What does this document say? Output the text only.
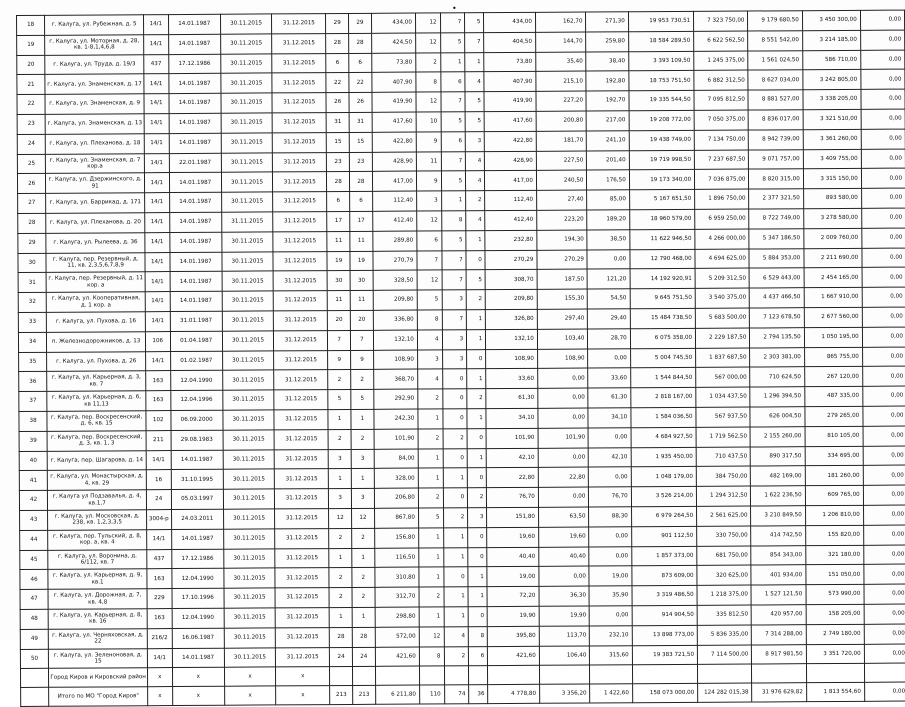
•
18	г. Калуга, ул. Рубежная, д. 5	14/1	14.01.1987	30.11.2015	31.12.2015	29	29	434,00	12	7	5	434,00	162,70	271,30	19 953 730,51	7 323 750,00	9 179 680,50	3 450 300,00	0,00
19	г. Калуга, ул. Моторная, д. 28, кв. 1-8,1,4,6,8	14/1	14.01.1987	30.11.2015	31.12.2015	28	28	424,50	12	5	7	404,50	144,70	259,80	18 584 289,50	6 622 562,50	8 551 542,00	3 214 185,00	0,00
20	г. Калуга, ул. Труда, д. 19/3	437	17.12.1986	30.11.2015	31.12.2015	6	6	73,80	2	1	1	73,80	35,40	38,40	3 393 109,50	1 245 375,00	1 561 024,50	586 710,00	0,00
21	г. Калуга, ул. Знаменская, д. 17	14/1	14.01.1987	30.11.2015	31.12.2015	22	22	407,90	8	6	4	407,90	215,10	192,80	18 753 751,50	6 882 312,50	8 627 034,00	3 242 805,00	0,00
22	г. Калуга, ул. Знаменская, д. 9	14/1	14.01.1987	30.11.2015	31.12.2015	26	26	419,90	12	7	5	419,90	227,20	192,70	19 335 544,50	7 095 812,50	8 881 527,00	3 338 205,00	0,00
23	г. Калуга, ул. Знаменская, д. 13	14/1	14.01.1987	30.11.2015	31.12.2015	31	31	417,60	10	5	5	417,60	200,80	217,00	19 208 772,00	7 050 375,00	8 836 017,00	3 321 510,00	0,00
24	г. Калуга, ул. Плеханова, д. 18	14/1	14.01.1987	30.11.2015	31.12.2015	15	15	422,80	9	6	3	422,80	181,70	241,10	19 438 749,00	7 134 750,00	8 942 739,00	3 361 260,00	0,00
25	г. Калуга, ул. Знаменская, д. 7 кор.а	14/1	22.01.1987	30.11.2015	31.12.2015	23	23	428,90	11	7	4	428,90	227,50	201,40	19 719 998,50	7 237 687,50	9 071 757,00	3 409 755,00	0,00
26	г. Калуга, ул. Дзержинского, д. 91	14/1	14.01.1987	30.11.2015	31.12.2015	28	28	417,00	9	5	4	417,00	240,50	176,50	19 173 340,00	7 036 875,00	8 820 315,00	3 315 150,00	0,00
27	г. Калуга, ул. Баррикад, д. 171	14/1	14.01.1987	30.11.2015	31.12.2015	6	6	112,40	3	1	2	112,40	27,40	85,00	5 167 651,50	1 896 750,00	2 377 321,50	893 580,00	0,00
28	г. Калуга, ул. Плеханова, д. 20	14/1	14.01.1987	31.11.2015	31.12.2015	17	17	412,40	12	8	4	412,40	223,20	189,20	18 960 579,00	6 959 250,00	8 722 749,00	3 278 580,00	0,00
29	г. Калуга, ул. Рылеева, д. 36	14/1	14.01.1987	30.11.2015	31.12.2015	11	11	289,80	6	5	1	232,80	194,30	38,50	11 622 946,50	4 266 000,00	5 347 186,50	2 009 760,00	0,00
30	г. Калуга, пер. Резервный, д. 11, кв. 2,3,5,6,7,8,9	14/1	14.01.1987	30.11.2015	31.12.2015	19	19	270,79	7	7	0	270,29	270,29	0,00	12 790 468,00	4 694 625,00	5 884 353,00	2 211 690,00	0,00
31	г. Калуга, пер. Резервный, д. 11 кор. а	14/1	14.01.1987	30.11.2015	31.12.2015	30	30	328,50	12	7	5	308,70	187,50	121,20	14 192 920,91	5 209 312,50	6 529 443,00	2 454 165,00	0,00
32	г. Калуга, ул. Кооперативная, д. 1 кор. а	14/1	14.01.1987	30.11.2015	31.12.2015	11	11	209,80	5	3	2	209,80	155,30	54,50	9 645 751,50	3 540 375,00	4 437 466,50	1 667 910,00	0,00
33	г. Калуга, ул. Пухова, д. 16	14/1	31.01.1987	30.11.2015	31.12.2015	20	20	336,80	8	7	1	326,80	297,40	29,40	15 484 738,50	5 683 500,00	7 123 678,50	2 677 560,00	0,00
34	п. Железнодорожников, д. 13	106	01.04.1987	30.11.2015	31.12.2015	7	7	132,10	4	3	1	132,10	103,40	28,70	6 075 358,00	2 229 187,50	2 794 135,50	1 050 195,00	0,00
35	г. Калуга, ул. Пухова, д. 26	14/1	01.02.1987	30.11.2015	31.12.2015	9	9	108,90	3	3	0	108,90	108,90	0,00	5 004 745,50	1 837 687,50	2 303 381,00	865 755,00	0,00
36	г. Калуга, ул. Карьерная, д. 3, кв. 7	163	12.04.1990	30.11.2015	31.12.2015	2	2	368,70	4	0	1	33,60	0,00	33,60	1 544 844,50	567 000,00	710 624,50	267 120,00	0,00
37	г. Калуга, ул. Карьерная, д. 6, кв 11,13	163	12.04.1996	30.11.2015	31.12.2015	5	5	292,90	2	0	2	61,30	0,00	61,30	2 818 167,00	1 034 437,50	1 296 394,50	487 335,00	0,00
38	г. Калуга, пер. Воскресенский, д. 6, кв. 15	102	06.09.2000	30.11.2015	31.12.2015	1	1	242,30	1	0	1	34,10	0,00	34,10	1 584 036,50	567 937,50	626 004,50	279 265,00	0,00
39	г. Калуга, пер. Воскресенский, д. 3, кв. 1, 3	211	29.08.1983	30.11.2015	31.12.2015	2	2	101,90	2	2	0	101,90	101,90	0,00	4 684 927,50	1 719 562,50	2 155 260,00	810 105,00	0,00
40	г. Калуга, пер. Шагарова, д. 14	14/1	14.01.1987	30.11.2015	31.12.2015	3	3	84,00	1	0	1	42,10	0,00	42,10	1 935 450,00	710 437,50	890 317,50	334 695,00	0,00
41	г. Калуга, ул. Монастырская, д. 4, кв. 29	16	31.10.1995	30.11.2015	31.12.2015	1	1	328,00	1	1	0	22,80	22,80	0,00	1 048 179,00	384 750,00	482 169,00	181 260,00	0,00
42	г. Калуга ул Подзавалья, д. 4, кв.1,7	24	05.03.1997	30.11.2015	31.12.2015	3	3	206,80	2	0	2	76,70	0,00	76,70	3 526 214,00	1 294 312,50	1 622 236,50	609 765,00	0,00
43	г. Калуга, ул. Московская, д. 238, кв. 1,2,3,3,5	3004-р	24.03.2011	30.11.2015	31.12.2015	12	12	867,80	5	2	3	151,80	63,50	88,30	6 979 264,50	2 561 625,00	3 210 849,50	1 206 810,00	0,00
44	г. Калуга, пер. Тульский, д. 8, кор. а, кв. 4	14/1	14.01.1987	30.11.2015	31.12.2015	2	2	156,80	1	1	0	19,60	19,60	0,00	901 112,50	330 750,00	414 742,50	155 820,00	0,00
45	г. Калуга, ул. Воронина, д. 6/112, кв. 7	437	17.12.1986	30.11.2015	31.12.2015	1	1	116,50	1	1	0	40,40	40,40	0,00	1 857 373,00	681 750,00	854 343,00	321 180,00	0,00
46	г. Калуга, ул. Карьерная, д. 9, кв.1	163	12.04.1990	30.11.2015	31.12.2015	2	2	310,80	1	0	1	19,00	0,00	19,00	873 609,00	320 625,00	401 934,00	151 050,00	0,00
47	г. Калуга, ул. Дорожная, д. 7, кв. 4,8	229	17.10.1996	30.11.2015	31.12.2015	2	2	312,70	2	1	1	72,20	36,30	35,90	3 319 486,50	1 218 375,00	1 527 121,50	573 990,00	0,00
48	г. Калуга, ул. Карьерная, д. 8, кв. 16	163	12.04.1990	30.11.2015	31.12.2015	1	1	298,80	1	1	0	19,90	19,90	0,00	914 904,50	335 812,50	420 957,00	158 205,00	0,00
49	г. Калуга, ул. Черняховская, д. 22	216/2	16.06.1987	30.11.2015	31.12.2015	28	28	572,00	12	4	8	395,80	113,70	232,10	13 898 773,00	5 836 335,00	7 314 288,00	2 749 180,00	0,00
50	г. Калуга, ул. Зеленоновая, д. 15	14/1	14.01.1987	30.11.2015	31.12.2015	24	24	421,60	8	2	6	421,60	106,40	315,60	19 383 721,50	7 114 500,00	8 917 981,50	3 351 720,00	0,00
	Город Киров и Кировский район	х	х	х	х														
	Итого по МО "Город Киров"	х	х	х	х	213	213	6 211,80	110	74	36	4 778,80	3 356,20	1 422,60	158 073 000,00	124 282 015,38	31 976 629,82	1 813 554,60	0,00
